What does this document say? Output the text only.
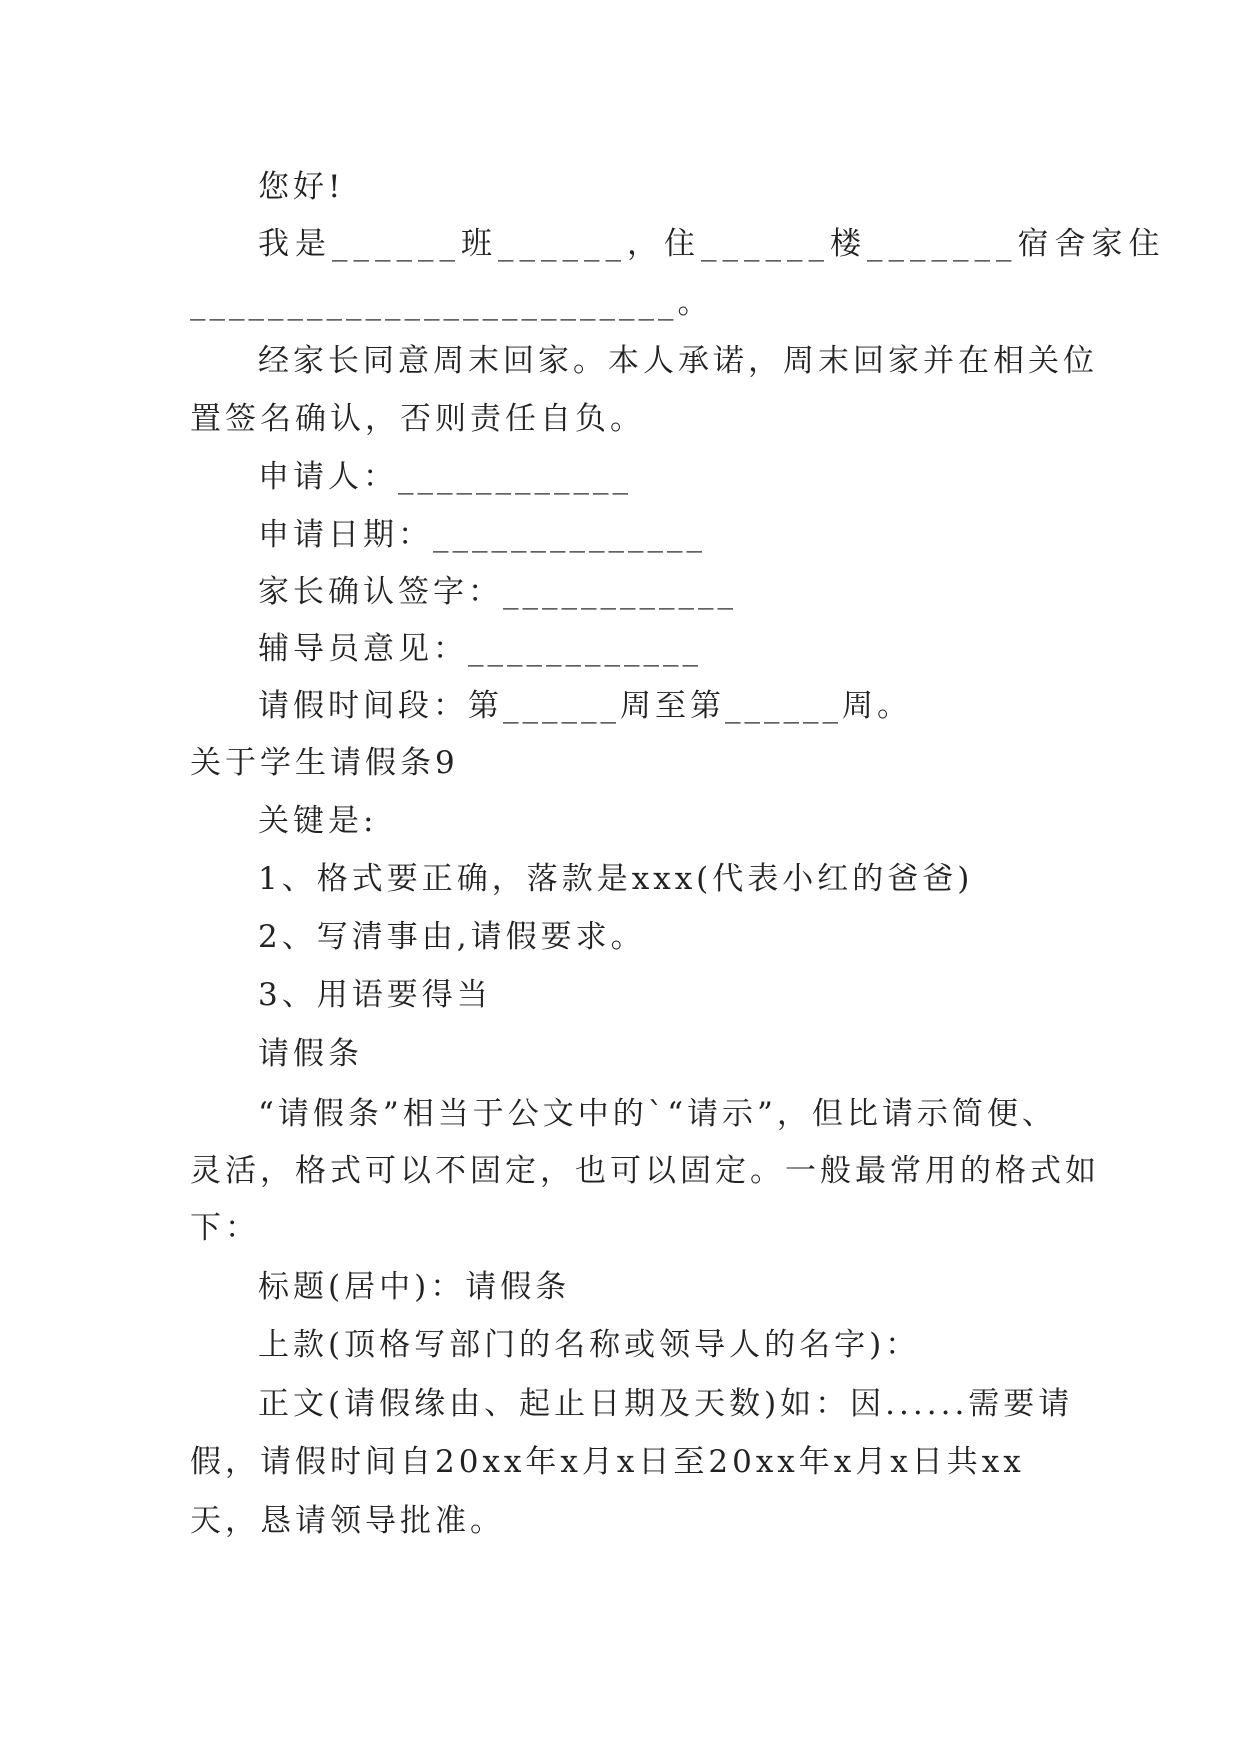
您好!
我是______班______，住______楼_______宿舍家住
_________________________。
经家长同意周末回家。本人承诺，周末回家并在相关位
置签名确认，否则责任自负。
申请人：____________
申请日期：______________
家长确认签字：____________
辅导员意见：____________
请假时间段：第______周至第______周。
关于学生请假条9
关键是:
1、格式要正确，落款是xxx(代表小红的爸爸)
2、写清事由,请假要求。
3、用语要得当
请假条
“请假条”相当于公文中的`“请示”，但比请示简便、
灵活，格式可以不固定，也可以固定。一般最常用的格式如
下：
标题(居中)：请假条
上款(顶格写部门的名称或领导人的名字)：
正文(请假缘由、起止日期及天数)如：因......需要请
假，请假时间自20xx年x月x日至20xx年x月x日共xx
天，恳请领导批准。
